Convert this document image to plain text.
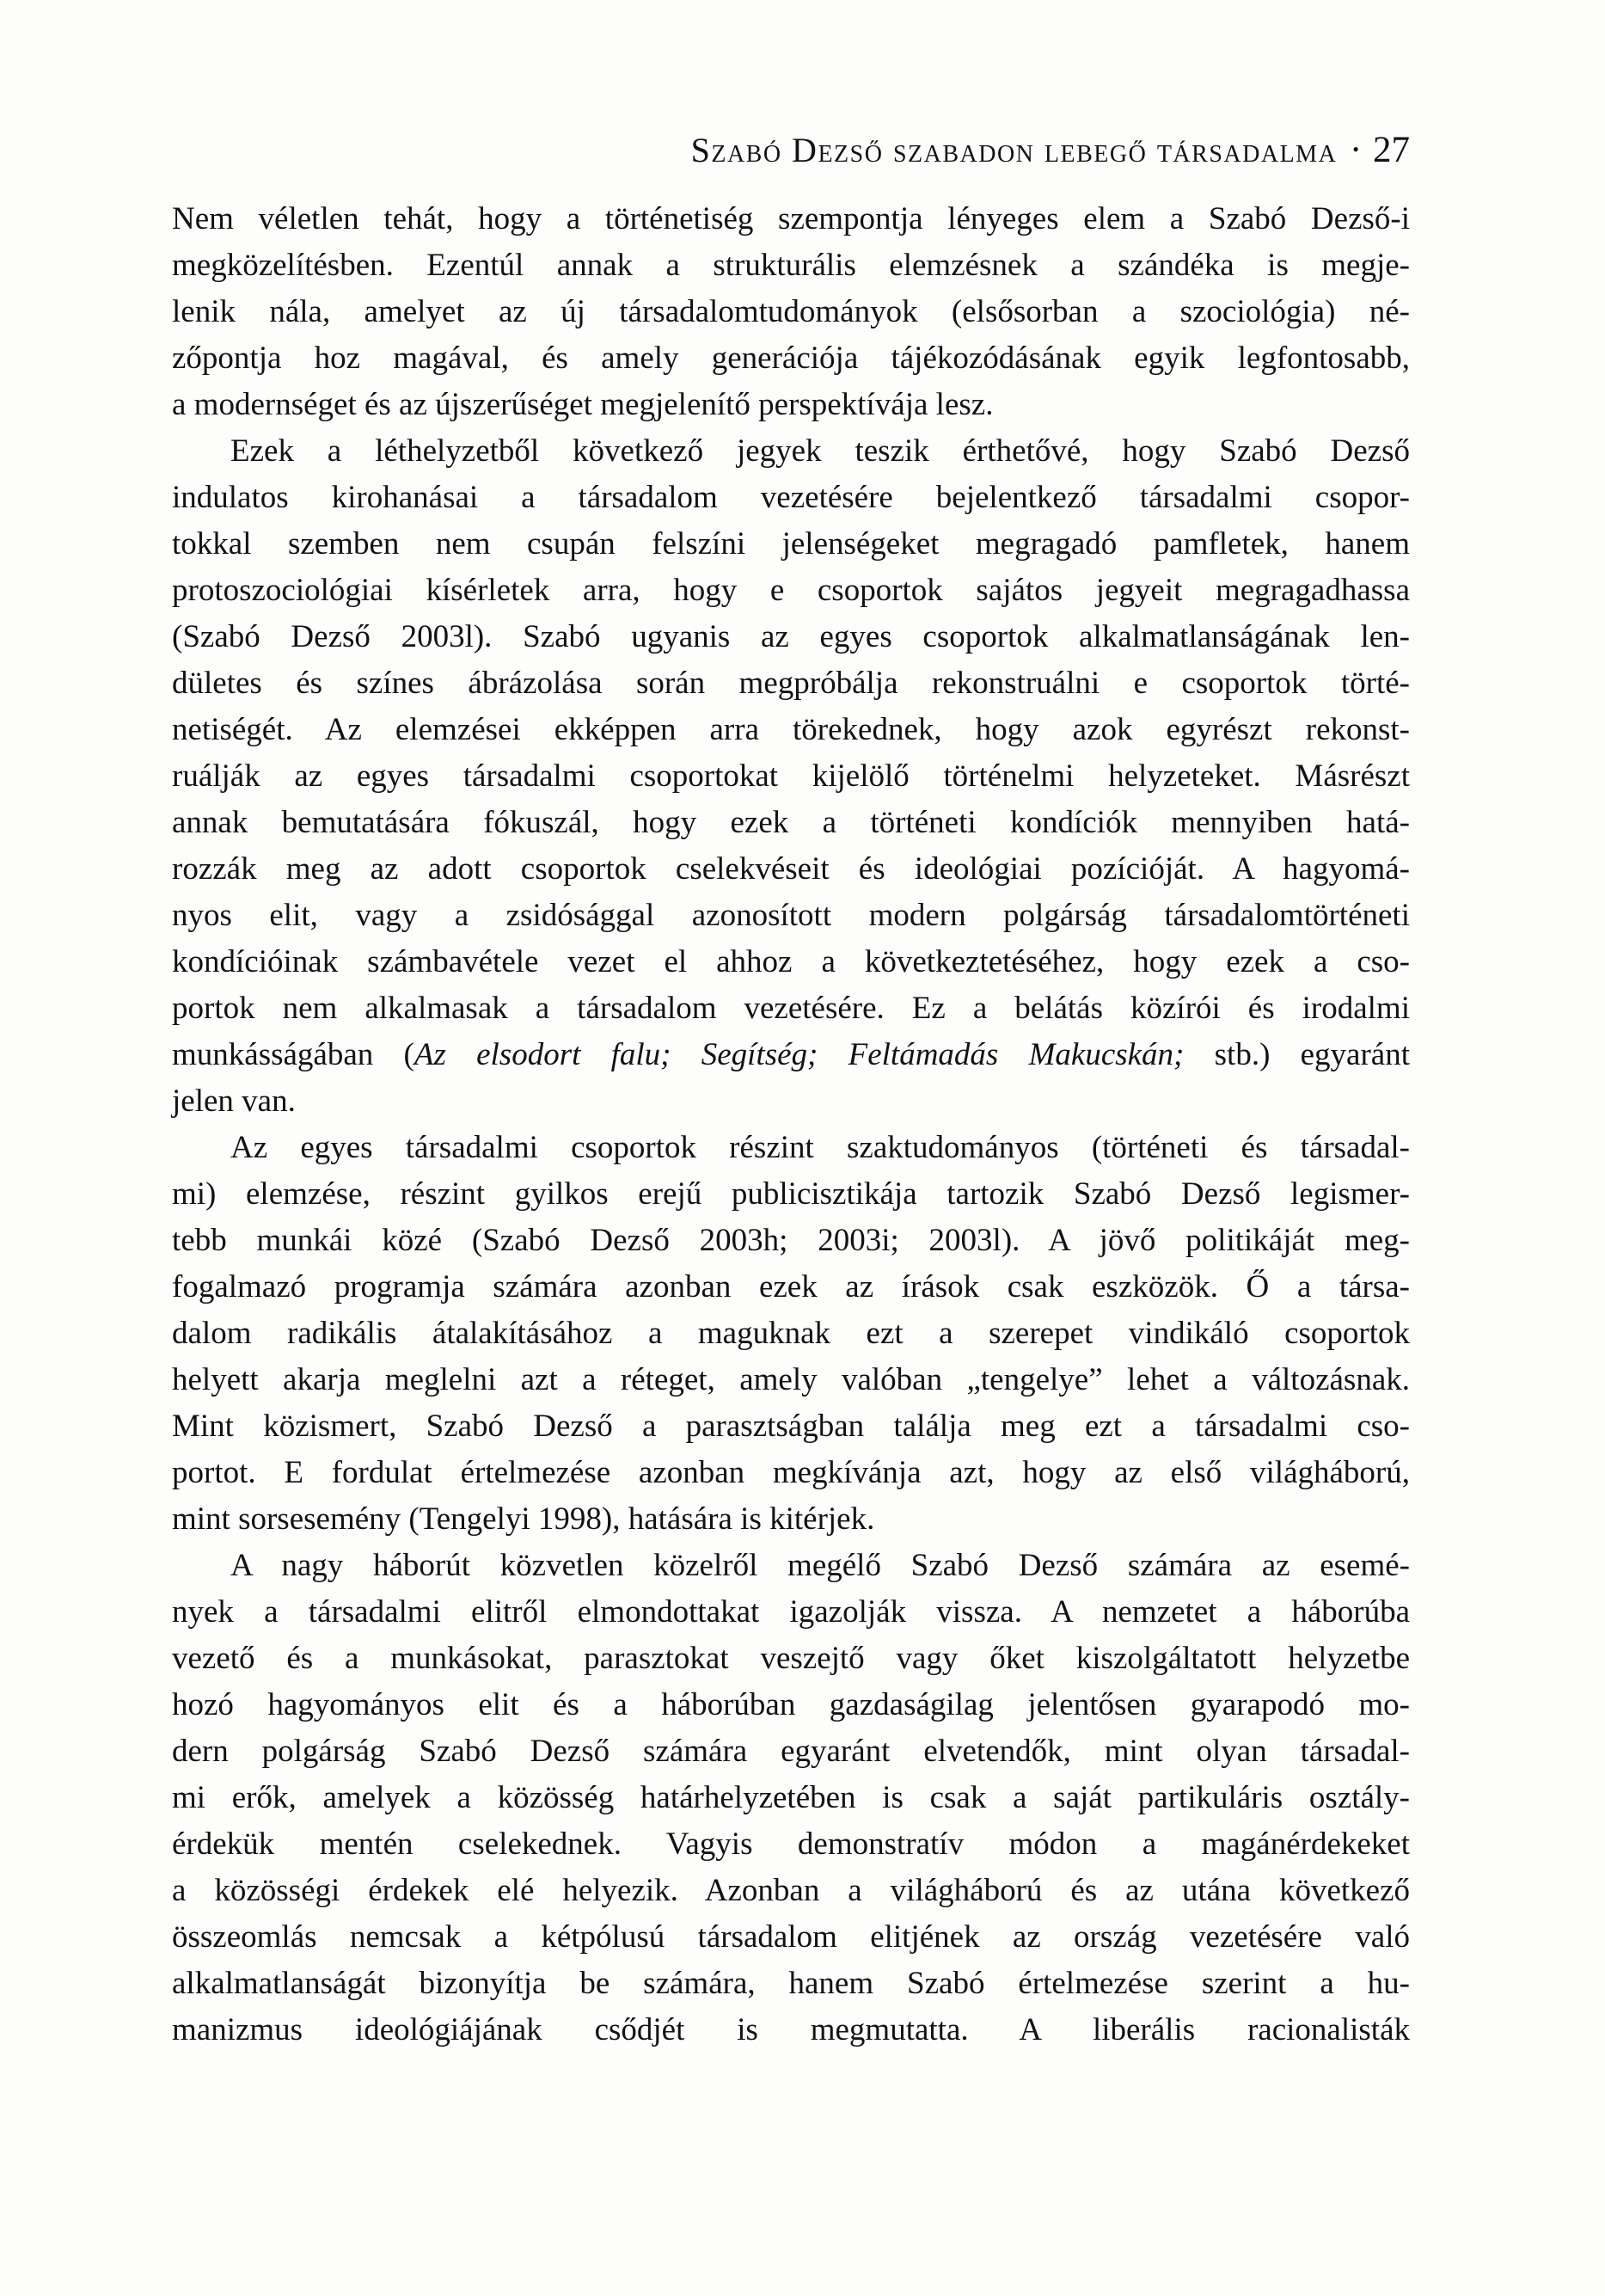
Szabó Dezső szabadon lebegő társadalma • 27
Nem véletlen tehát, hogy a történetiség szempontja lényeges elem a Szabó Dezső-i
megközelítésben. Ezentúl annak a strukturális elemzésnek a szándéka is megje-
lenik nála, amelyet az új társadalomtudományok (elsősorban a szociológia) né-
zőpontja hoz magával, és amely generációja tájékozódásának egyik legfontosabb,
a modernséget és az újszerűséget megjelenítő perspektívája lesz.
Ezek a léthelyzetből következő jegyek teszik érthetővé, hogy Szabó Dezső
indulatos kirohanásai a társadalom vezetésére bejelentkező társadalmi csopor-
tokkal szemben nem csupán felszíni jelenségeket megragadó pamfletek, hanem
protoszociológiai kísérletek arra, hogy e csoportok sajátos jegyeit megragadhassa
(Szabó Dezső 2003l). Szabó ugyanis az egyes csoportok alkalmatlanságának len-
dületes és színes ábrázolása során megpróbálja rekonstruálni e csoportok törté-
netiségét. Az elemzései ekképpen arra törekednek, hogy azok egyrészt rekonst-
ruálják az egyes társadalmi csoportokat kijelölő történelmi helyzeteket. Másrészt
annak bemutatására fókuszál, hogy ezek a történeti kondíciók mennyiben hatá-
rozzák meg az adott csoportok cselekvéseit és ideológiai pozícióját. A hagyomá-
nyos elit, vagy a zsidósággal azonosított modern polgárság társadalomtörténeti
kondícióinak számbavétele vezet el ahhoz a következtetéséhez, hogy ezek a cso-
portok nem alkalmasak a társadalom vezetésére. Ez a belátás közírói és irodalmi
munkásságában (Az elsodort falu; Segítség; Feltámadás Makucskán; stb.) egyaránt
jelen van.
Az egyes társadalmi csoportok részint szaktudományos (történeti és társadal-
mi) elemzése, részint gyilkos erejű publicisztikája tartozik Szabó Dezső legismer-
tebb munkái közé (Szabó Dezső 2003h; 2003i; 2003l). A jövő politikáját meg-
fogalmazó programja számára azonban ezek az írások csak eszközök. Ő a társa-
dalom radikális átalakításához a maguknak ezt a szerepet vindikáló csoportok
helyett akarja meglelni azt a réteget, amely valóban „tengelye” lehet a változásnak.
Mint közismert, Szabó Dezső a parasztságban találja meg ezt a társadalmi cso-
portot. E fordulat értelmezése azonban megkívánja azt, hogy az első világháború,
mint sorsesemény (Tengelyi 1998), hatására is kitérjek.
A nagy háborút közvetlen közelről megélő Szabó Dezső számára az esemé-
nyek a társadalmi elitről elmondottakat igazolják vissza. A nemzetet a háborúba
vezető és a munkásokat, parasztokat veszejtő vagy őket kiszolgáltatott helyzetbe
hozó hagyományos elit és a háborúban gazdaságilag jelentősen gyarapodó mo-
dern polgárság Szabó Dezső számára egyaránt elvetendők, mint olyan társadal-
mi erők, amelyek a közösség határhelyzetében is csak a saját partikuláris osztály-
érdekük mentén cselekednek. Vagyis demonstratív módon a magánérdekeket
a közösségi érdekek elé helyezik. Azonban a világháború és az utána következő
összeomlás nemcsak a kétpólusú társadalom elitjének az ország vezetésére való
alkalmatlanságát bizonyítja be számára, hanem Szabó értelmezése szerint a hu-
manizmus ideológiájának csődjét is megmutatta. A liberális racionalisták
